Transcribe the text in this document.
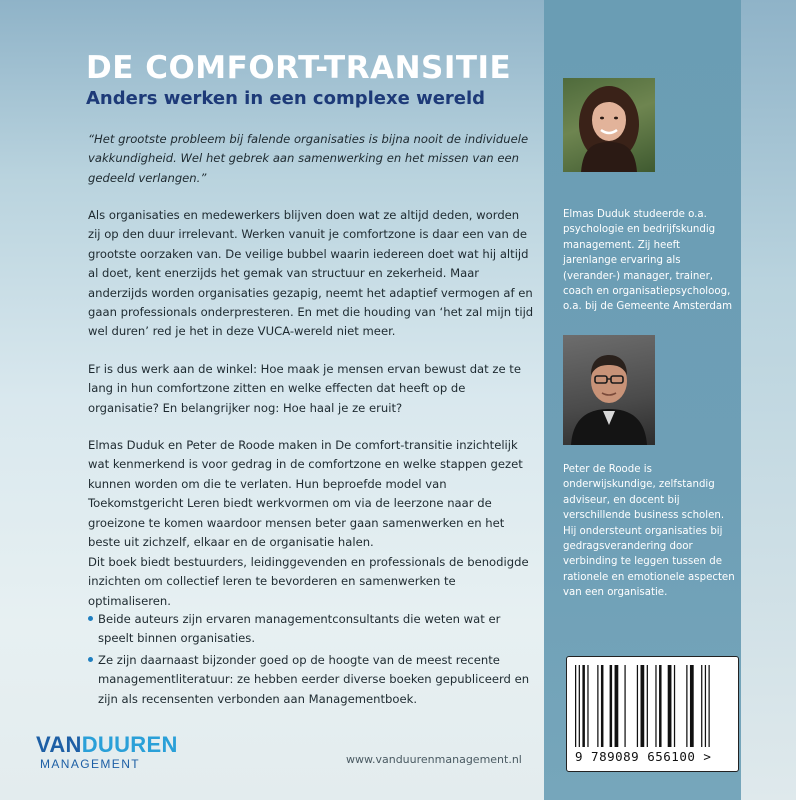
DE COMFORT-TRANSITIE
Anders werken in een complexe wereld

“Het grootste probleem bij falende organisaties is bijna nooit de individuele vakkundigheid. Wel het gebrek aan samenwerking en het missen van een gedeeld verlangen.”

Als organisaties en medewerkers blijven doen wat ze altijd deden, worden zij op den duur irrelevant. Werken vanuit je comfortzone is daar een van de grootste oorzaken van. De veilige bubbel waarin iedereen doet wat hij altijd al doet, kent enerzijds het gemak van structuur en zekerheid. Maar anderzijds worden organisaties gezapig, neemt het adaptief vermogen af en gaan professionals onderpresteren. En met die houding van ‘het zal mijn tijd wel duren’ red je het in deze VUCA-wereld niet meer.

Er is dus werk aan de winkel: Hoe maak je mensen ervan bewust dat ze te lang in hun comfortzone zitten en welke effecten dat heeft op de organisatie? En belangrijker nog: Hoe haal je ze eruit?

Elmas Duduk en Peter de Roode maken in De comfort-transitie inzichtelijk wat kenmerkend is voor gedrag in de comfortzone en welke stappen gezet kunnen worden om die te verlaten. Hun beproefde model van Toekomstgericht Leren biedt werkvormen om via de leerzone naar de groeizone te komen waardoor mensen beter gaan samenwerken en het beste uit zichzelf, elkaar en de organisatie halen.

Dit boek biedt bestuurders, leidinggevenden en professionals de benodigde inzichten om collectief leren te bevorderen en samenwerken te optimaliseren.

Beide auteurs zijn ervaren managementconsultants die weten wat er speelt binnen organisaties.
Ze zijn daarnaast bijzonder goed op de hoogte van de meest recente managementliteratuur: ze hebben eerder diverse boeken gepubliceerd en zijn als recensenten verbonden aan Managementboek.
VANDUUREN
MANAGEMENT	www.vanduurenmanagement.nl

Elmas Duduk studeerde o.a. psychologie en bedrijfskundig management. Zij heeft jarenlange ervaring als (verander-) manager, trainer, coach en organisatiepsycholoog, o.a. bij de Gemeente Amsterdam

Peter de Roode is onderwijskundige, zelfstandig adviseur, en docent bij verschillende business scholen. Hij ondersteunt organisaties bij gedragsverandering door verbinding te leggen tussen de rationele en emotionele aspecten van een organisatie.

9 789089 656100 >
